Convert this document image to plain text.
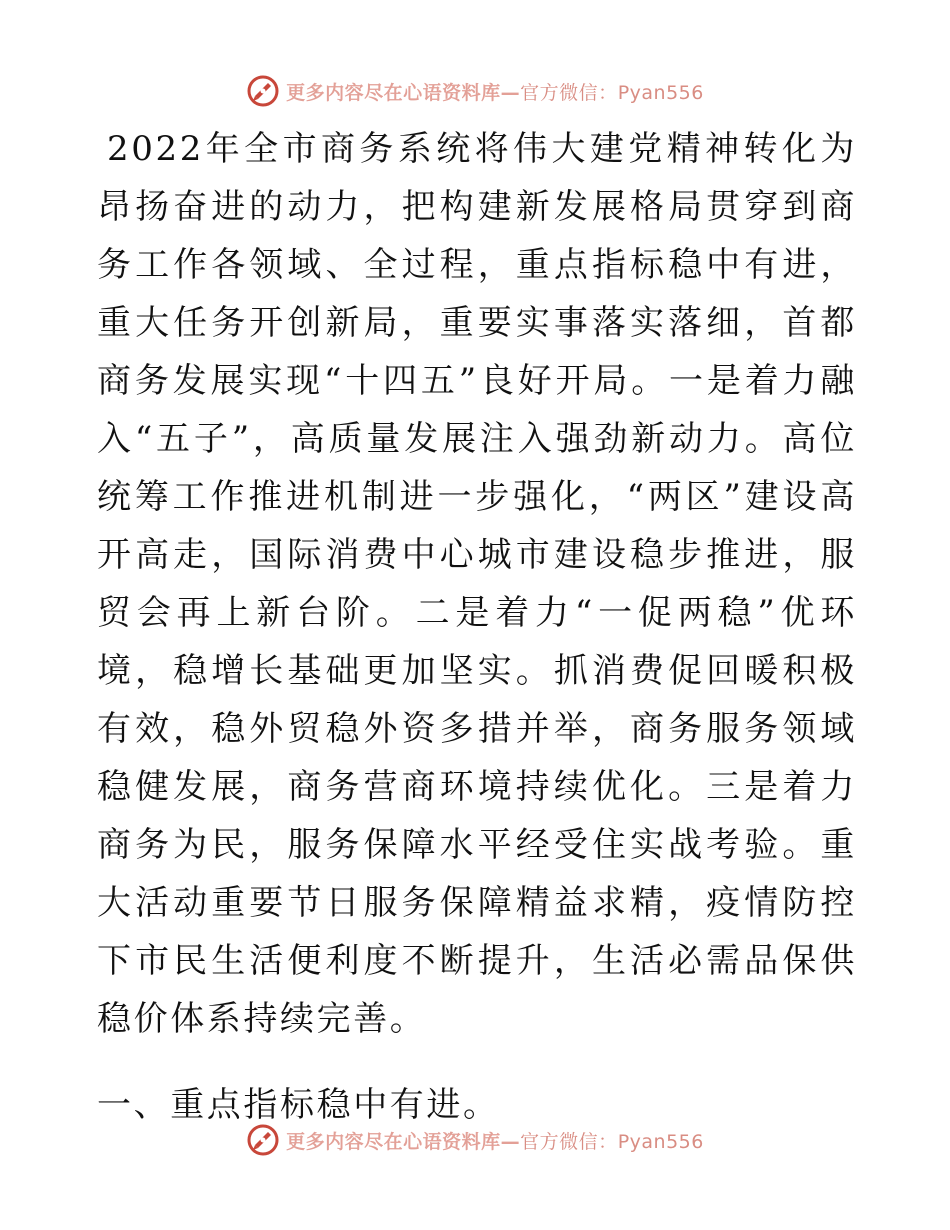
更多内容尽在心语资料库—官方微信：Pyan556

2022年全市商务系统将伟大建党精神转化为昂扬奋进的动力，把构建新发展格局贯穿到商务工作各领域、全过程，重点指标稳中有进，重大任务开创新局，重要实事落实落细，首都商务发展实现“十四五”良好开局。一是着力融入“五子”，高质量发展注入强劲新动力。高位统筹工作推进机制进一步强化，“两区”建设高开高走，国际消费中心城市建设稳步推进，服贸会再上新台阶。二是着力“一促两稳”优环境，稳增长基础更加坚实。抓消费促回暖积极有效，稳外贸稳外资多措并举，商务服务领域稳健发展，商务营商环境持续优化。三是着力商务为民，服务保障水平经受住实战考验。重大活动重要节日服务保障精益求精，疫情防控下市民生活便利度不断提升，生活必需品保供稳价体系持续完善。

一、重点指标稳中有进。

更多内容尽在心语资料库—官方微信：Pyan556
